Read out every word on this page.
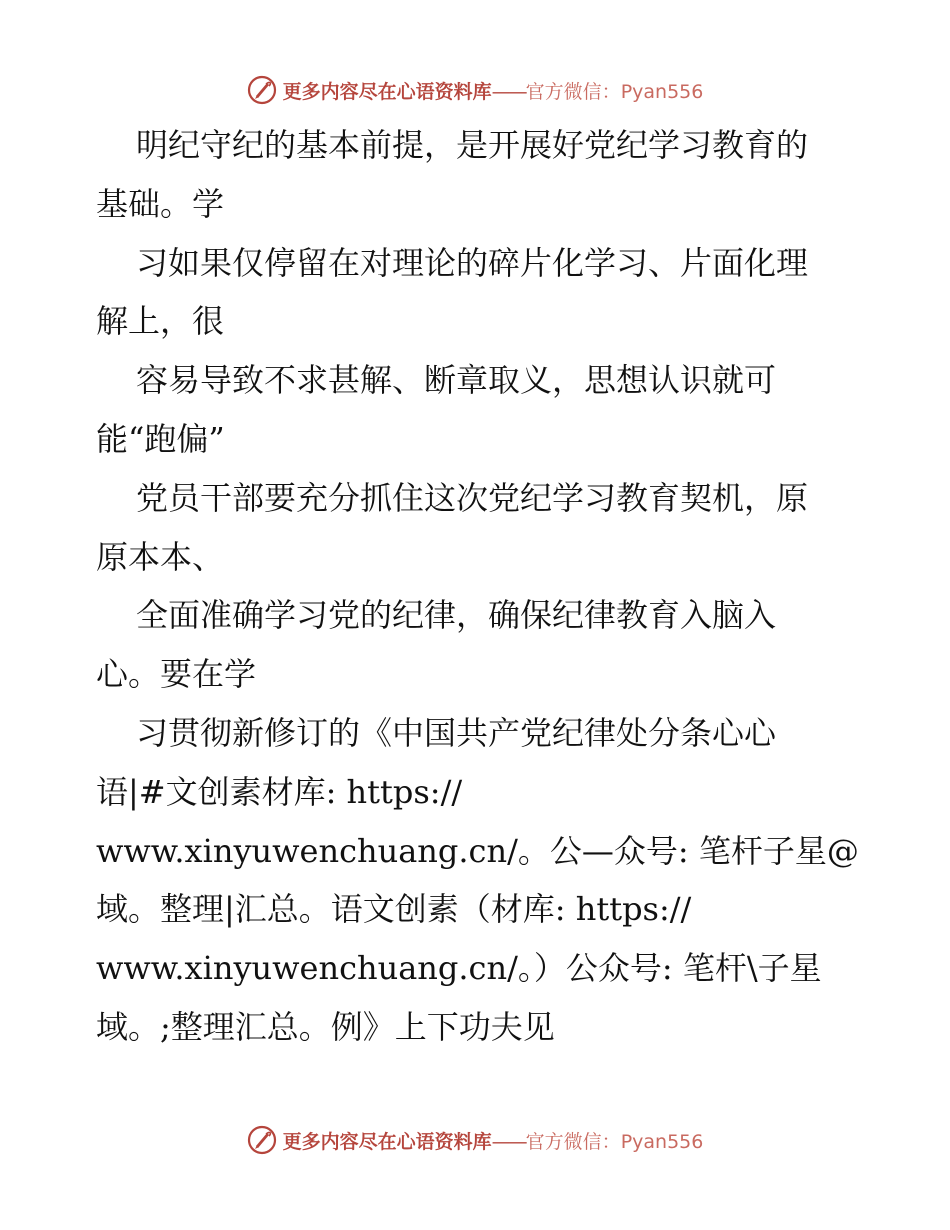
更多内容尽在心语资料库——官方微信：Pyan556
明纪守纪的基本前提，是开展好党纪学习教育的
基础。学
习如果仅停留在对理论的碎片化学习、片面化理
解上，很
容易导致不求甚解、断章取义，思想认识就可
能“跑偏”
党员干部要充分抓住这次党纪学习教育契机，原
原本本、
全面准确学习党的纪律，确保纪律教育入脑入
心。要在学
习贯彻新修订的《中国共产党纪律处分条心心
语|#文创素材库: https://
www.xinyuwenchuang.cn/。公—众号: 笔杆子星@
域。整理|汇总。语文创素（材库: https://
www.xinyuwenchuang.cn/。）公众号: 笔杆\子星
域。;整理汇总。例》上下功夫见
更多内容尽在心语资料库——官方微信：Pyan556
